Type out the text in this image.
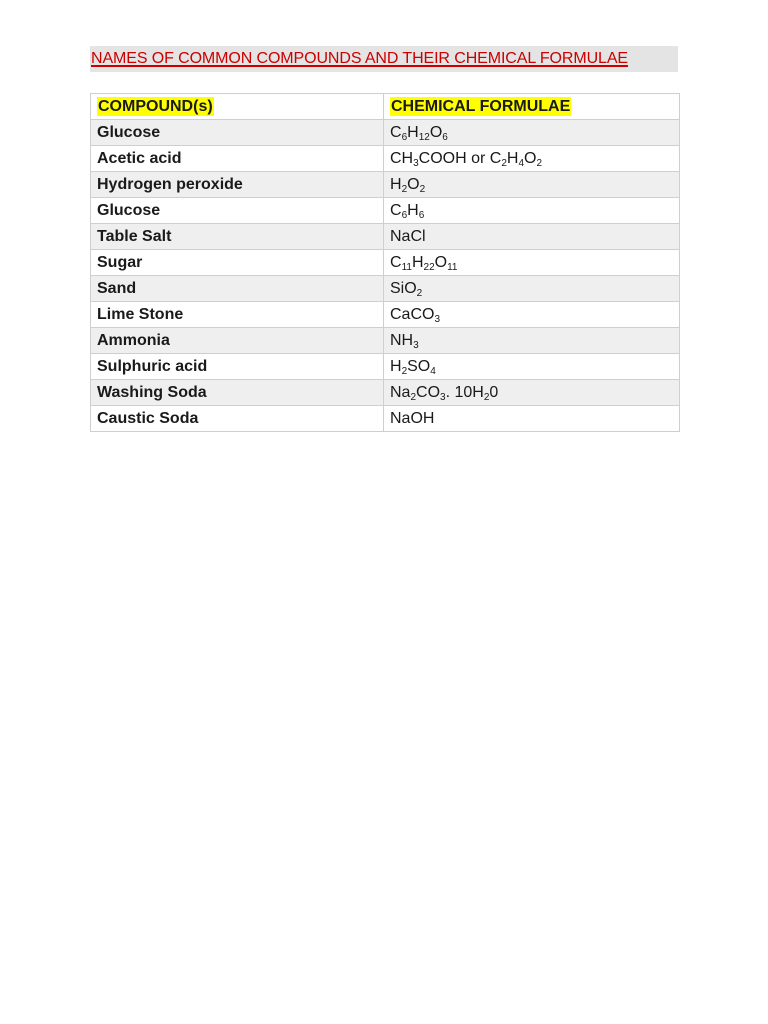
NAMES OF COMMON COMPOUNDS AND THEIR CHEMICAL FORMULAE
COMPOUND(s)	CHEMICAL FORMULAE
Glucose	$C_6H_{12}O_6$
Acetic acid	$CH_3COOH$ or $C_2H_4O_2$
Hydrogen peroxide	$H_2O_2$
Glucose	$C_6H_6$
Table Salt	NaCl
Sugar	$C_{11}H_{22}O_{11}$
Sand	SiO$_2$
Lime Stone	CaCO$_3$
Ammonia	$NH_3$
Sulphuric acid	$H_2SO_4$
Washing Soda	$Na_2CO_3$. $10H_20$
Caustic Soda	NaOH
